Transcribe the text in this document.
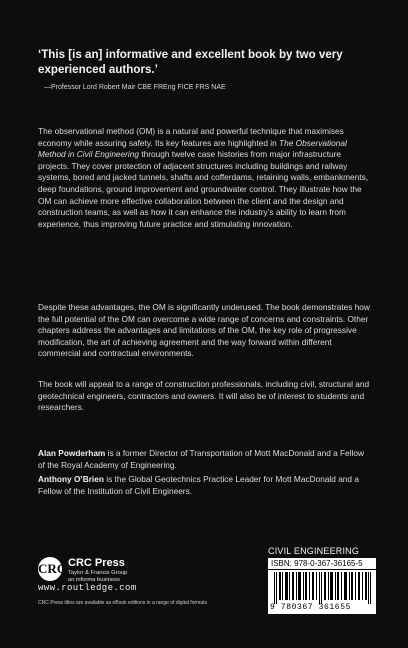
‘This [is an] informative and excellent book by two very experienced authors.’
—Professor Lord Robert Mair CBE FREng FICE FRS NAE

The observational method (OM) is a natural and powerful technique that maximises economy while assuring safety. Its key features are highlighted in The Observational Method in Civil Engineering through twelve case histories from major infrastructure projects. They cover protection of adjacent structures including buildings and railway systems, bored and jacked tunnels, shafts and cofferdams, retaining walls, embankments, deep foundations, ground improvement and groundwater control. They illustrate how the OM can achieve more effective collaboration between the client and the design and construction teams, as well as how it can enhance the industry’s ability to learn from experience, thus improving future practice and stimulating innovation.

Despite these advantages, the OM is significantly underused. The book demonstrates how the full potential of the OM can overcome a wide range of concerns and constraints. Other chapters address the advantages and limitations of the OM, the key role of progressive modification, the art of achieving agreement and the way forward within different commercial and contractual environments.

The book will appeal to a range of construction professionals, including civil, structural and geotechnical engineers, contractors and owners. It will also be of interest to students and researchers.

Alan Powderham is a former Director of Transportation of Mott MacDonald and a Fellow of the Royal Academy of Engineering.

Anthony O’Brien is the Global Geotechnics Practice Leader for Mott MacDonald and a Fellow of the Institution of Civil Engineers.

CRC CRC Press
Taylor & Francis Group
an informa business
www.routledge.com
CRC Press titles are available as eBook editions in a range of digital formats
CIVIL ENGINEERING
ISBN: 978-0-367-36165-5
9 780367 361655
